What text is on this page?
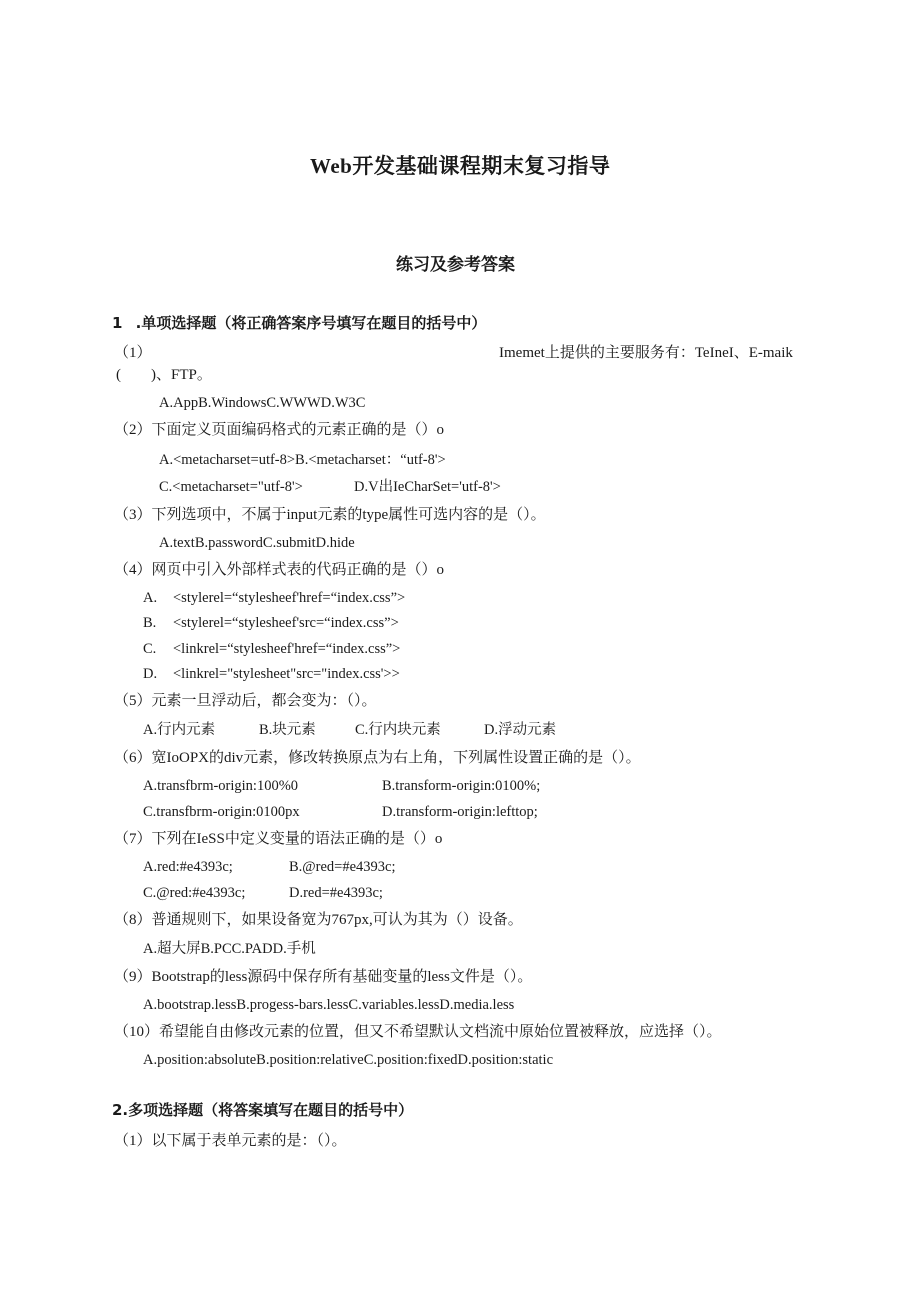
Web开发基础课程期末复习指导
练习及参考答案
1 .单项选择题（将正确答案序号填写在题目的括号中）
（1）	Imemet上提供的主要服务有：TeIneI、E-maik
(　　)、FTP。
A.AppB.WindowsC.WWWD.W3C
（2）下面定义页面编码格式的元素正确的是（）o
A.<metacharset=utf-8>B.<metacharset：“utf-8'>
C.<metacharset="utf-8'>	D.V出IeCharSet='utf-8'>
（3）下列选项中，不属于input元素的type属性可选内容的是（）。
A.textB.passwordC.submitD.hide
（4）网页中引入外部样式表的代码正确的是（）o
A. <stylerel=“stylesheef'href=“index.css”>
B. <stylerel=“stylesheef'src=“index.css”>
C. <linkrel=“stylesheef'href=“index.css”>
D. <linkrel="stylesheet"src="index.css'>>
（5）元素一旦浮动后，都会变为：（）。
A.行内元素	B.块元素	C.行内块元素	D.浮动元素
（6）宽IoOPX的div元素，修改转换原点为右上角，下列属性设置正确的是（）。
A.transfbrm-origin:100%0	B.transform-origin:0100%;
C.transfbrm-origin:0100px	D.transform-origin:lefttop;
（7）下列在IeSS中定义变量的语法正确的是（）o
A.red:#e4393c;	B.@red=#e4393c;
C.@red:#e4393c;	D.red=#e4393c;
（8）普通规则下，如果设备宽为767px,可认为其为（）设备。
A.超大屏B.PCC.PADD.手机
（9）Bootstrap的less源码中保存所有基础变量的less文件是（）。
A.bootstrap.lessB.progess-bars.lessC.variables.lessD.media.less
（10）希望能自由修改元素的位置，但又不希望默认文档流中原始位置被释放，应选择（）。
A.position:absoluteB.position:relativeC.position:fixedD.position:static
2.多项选择题（将答案填写在题目的括号中）
（1）以下属于表单元素的是：（）。
